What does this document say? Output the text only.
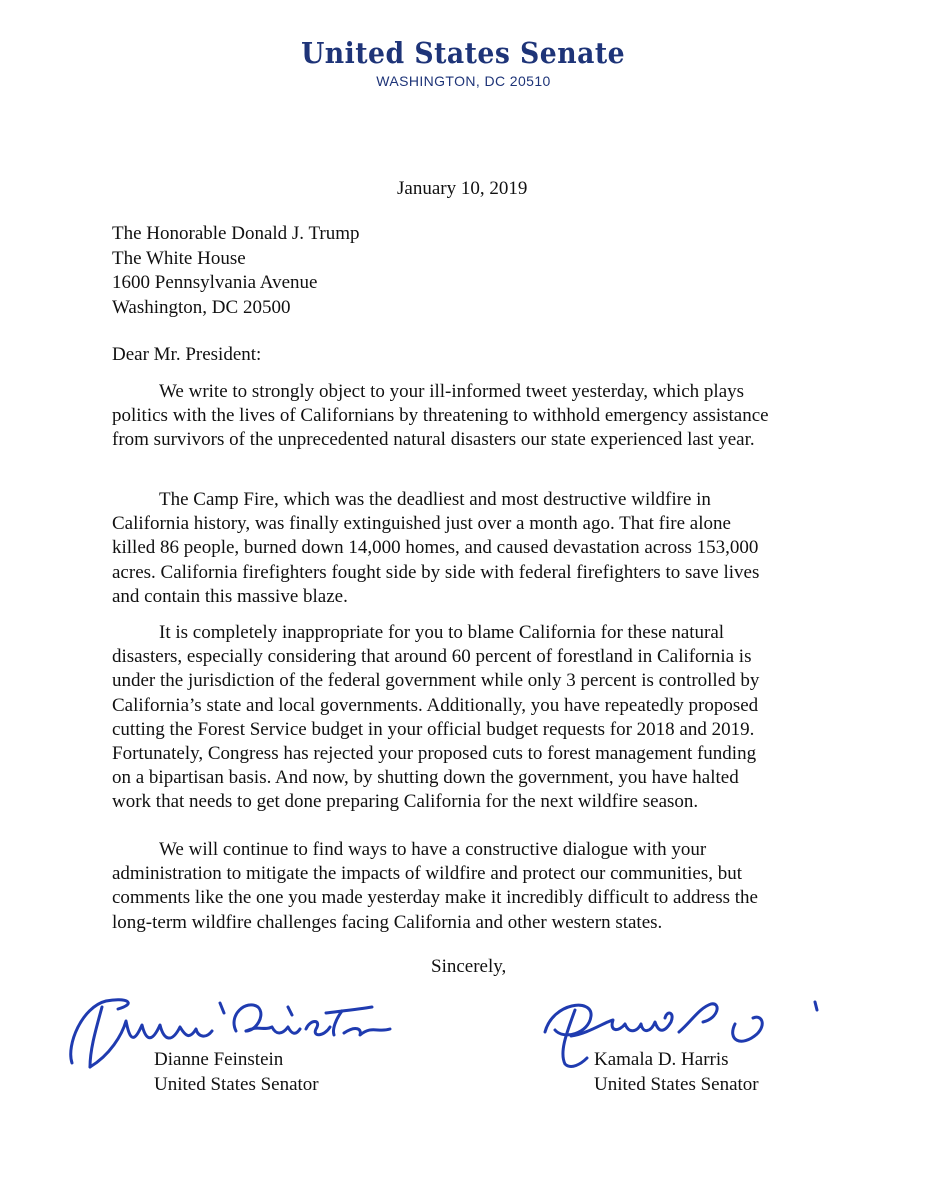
United States Senate
WASHINGTON, DC 20510
January 10, 2019
The Honorable Donald J. Trump
The White House
1600 Pennsylvania Avenue
Washington, DC 20500
Dear Mr. President:
We write to strongly object to your ill-informed tweet yesterday, which plays
politics with the lives of Californians by threatening to withhold emergency assistance
from survivors of the unprecedented natural disasters our state experienced last year.
The Camp Fire, which was the deadliest and most destructive wildfire in
California history, was finally extinguished just over a month ago. That fire alone
killed 86 people, burned down 14,000 homes, and caused devastation across 153,000
acres. California firefighters fought side by side with federal firefighters to save lives
and contain this massive blaze.
It is completely inappropriate for you to blame California for these natural
disasters, especially considering that around 60 percent of forestland in California is
under the jurisdiction of the federal government while only 3 percent is controlled by
California’s state and local governments. Additionally, you have repeatedly proposed
cutting the Forest Service budget in your official budget requests for 2018 and 2019.
Fortunately, Congress has rejected your proposed cuts to forest management funding
on a bipartisan basis. And now, by shutting down the government, you have halted
work that needs to get done preparing California for the next wildfire season.
We will continue to find ways to have a constructive dialogue with your
administration to mitigate the impacts of wildfire and protect our communities, but
comments like the one you made yesterday make it incredibly difficult to address the
long-term wildfire challenges facing California and other western states.
Sincerely,
Dianne Feinstein
United States Senator
Kamala D. Harris
United States Senator
